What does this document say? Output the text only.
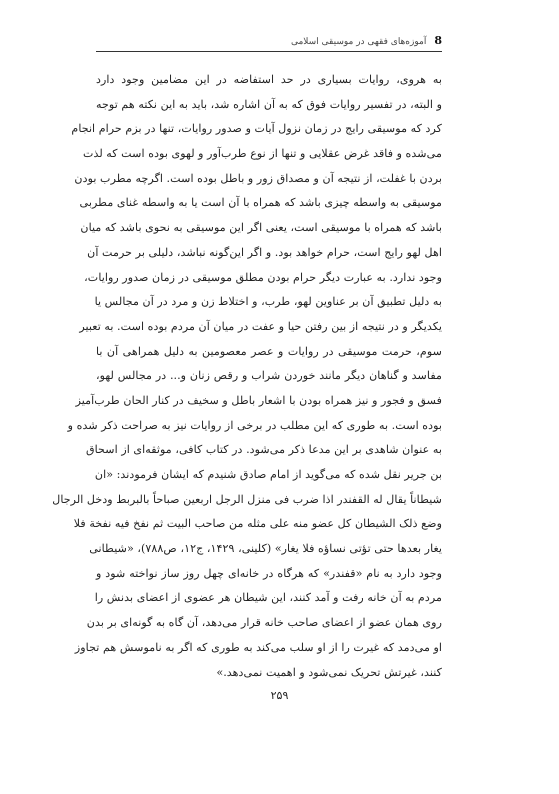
8
آموزه‌های فقهی در موسیقی اسلامی
به هروی، روایات بسیاری در حد استفاضه در این مضامین وجود دارد
و البته، در تفسیر روایات فوق که به آن اشاره شد، باید به این نکته هم توجه
کرد که موسیقی رایج در زمان نزول آیات و صدور روایات، تنها در بزم حرام انجام
می‌شده و فاقد غرض عقلایی و تنها از نوع طرب‌آور و لهوی بوده است که لذت
بردن با غفلت، از نتیجه آن و مصداق زور و باطل بوده است. اگرچه مطرب بودن
موسیقی به واسطه چیزی باشد که همراه با آن است یا به واسطه غنای مطربی
باشد که همراه با موسیقی است، یعنی اگر این موسیقی به نحوی باشد که میان
اهل لهو رایج است، حرام خواهد بود. و اگر این‌گونه نباشد، دلیلی بر حرمت آن
وجود ندارد. به عبارت دیگر حرام بودن مطلق موسیقی در زمان صدور روایات،
به دلیل تطبیق آن بر عناوین لهو، طرب، و اختلاط زن و مرد در آن مجالس یا
یکدیگر و در نتیجه از بین رفتن حیا و عفت در میان آن مردم بوده است. به تعبیر
سوم، حرمت موسیقی در روایات و عصر معصومین به دلیل همراهی آن با
مفاسد و گناهان دیگر مانند خوردن شراب و رقص زنان و... در مجالس لهو،
فسق و فجور و نیز همراه بودن با اشعار باطل و سخیف در کنار الحان طرب‌آمیز
بوده است. به طوری که این مطلب در برخی از روایات نیز به صراحت ذکر شده و
به عنوان شاهدی بر این مدعا ذکر می‌شود. در کتاب کافی، موثقه‌ای از اسحاق
بن جریر نقل شده که می‌گوید از امام صادق شنیدم که ایشان فرمودند: «ان
شیطاناً یقال له القفندر اذا ضرب فی منزل الرجل اربعین صباحاً بالبربط ودخل الرجال
وضع ذلک الشیطان کل عضو منه علی مثله من صاحب البیت ثم نفخ فیه نفخة فلا
یغار بعدها حتی تؤتی نساؤه فلا یغار» (کلینی، ۱۴۲۹، ج۱۲، ص۷۸۸)، «شیطانی
وجود دارد به نام «قفندر» که هرگاه در خانه‌ای چهل روز ساز نواخته شود و
مردم به آن خانه رفت و آمد کنند، این شیطان هر عضوی از اعضای بدنش را
روی همان عضو از اعضای صاحب خانه قرار می‌دهد، آن گاه به گونه‌ای بر بدن
او می‌دمد که غیرت را از او سلب می‌کند به طوری که اگر به ناموسش هم تجاوز
کنند، غیرتش تحریک نمی‌شود و اهمیت نمی‌دهد.»
۲۵۹
